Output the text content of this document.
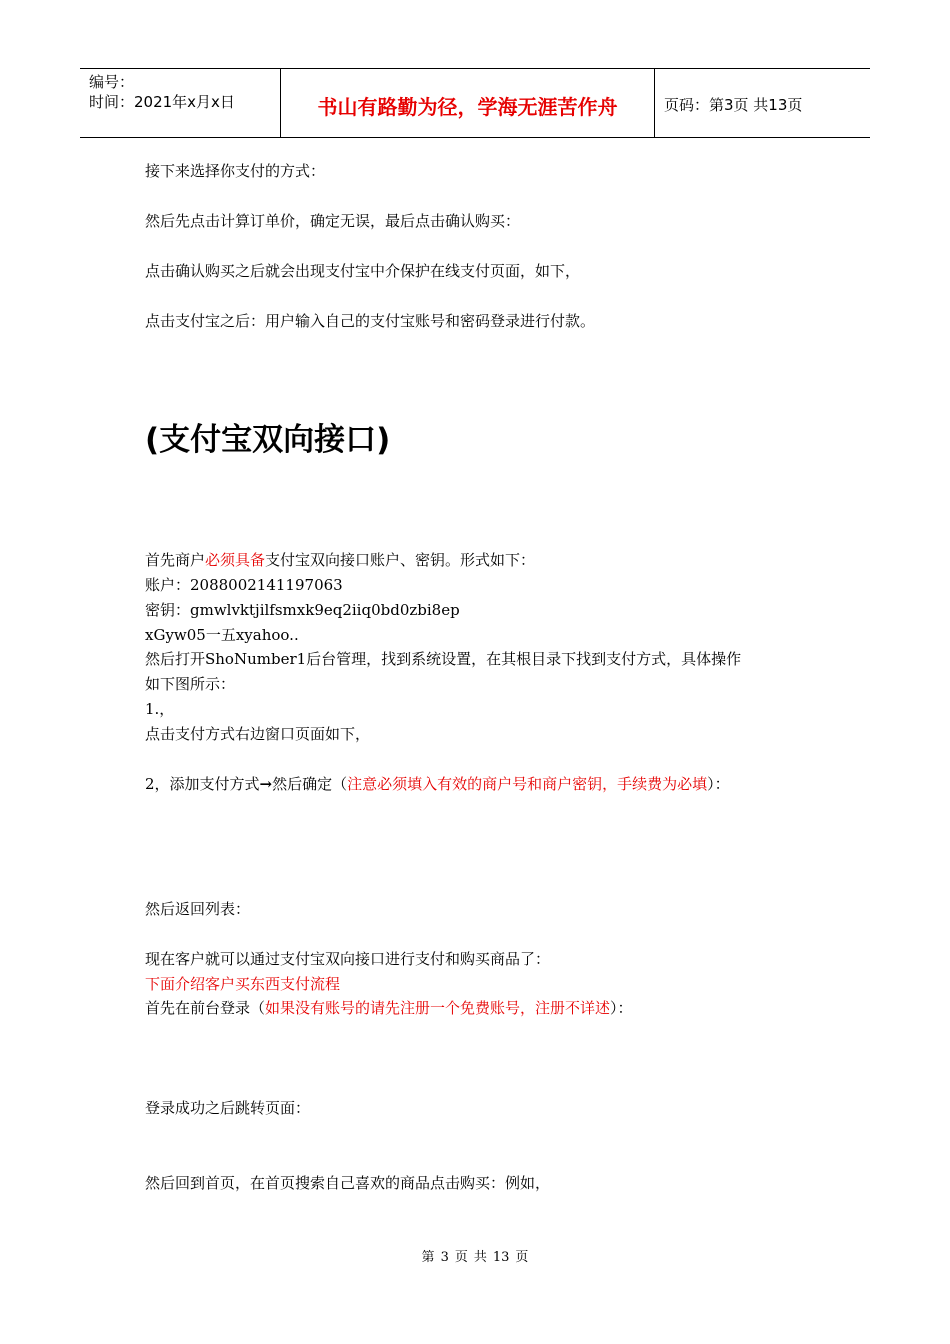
编号：
时间：2021年x月x日	书山有路勤为径，学海无涯苦作舟	页码：第3页 共13页
接下来选择你支付的方式：
然后先点击计算订单价，确定无误，最后点击确认购买：
点击确认购买之后就会出现支付宝中介保护在线支付页面，如下，
点击支付宝之后：用户输入自己的支付宝账号和密码登录进行付款。
(支付宝双向接口)
首先商户必须具备支付宝双向接口账户、密钥。形式如下：
账户：2088002141197063
密钥：gmwlvktjilfsmxk9eq2iiq0bd0zbi8ep
xGyw05一五xyahoo..
然后打开ShoNumber1后台管理，找到系统设置，在其根目录下找到支付方式，具体操作
如下图所示：
1.，
点击支付方式右边窗口页面如下，
2，添加支付方式→然后确定（注意必须填入有效的商户号和商户密钥，手续费为必填）：
然后返回列表：
现在客户就可以通过支付宝双向接口进行支付和购买商品了：
下面介绍客户买东西支付流程
首先在前台登录（如果没有账号的请先注册一个免费账号，注册不详述）：
登录成功之后跳转页面：
然后回到首页，在首页搜索自己喜欢的商品点击购买：例如，
第 3 页 共 13 页
